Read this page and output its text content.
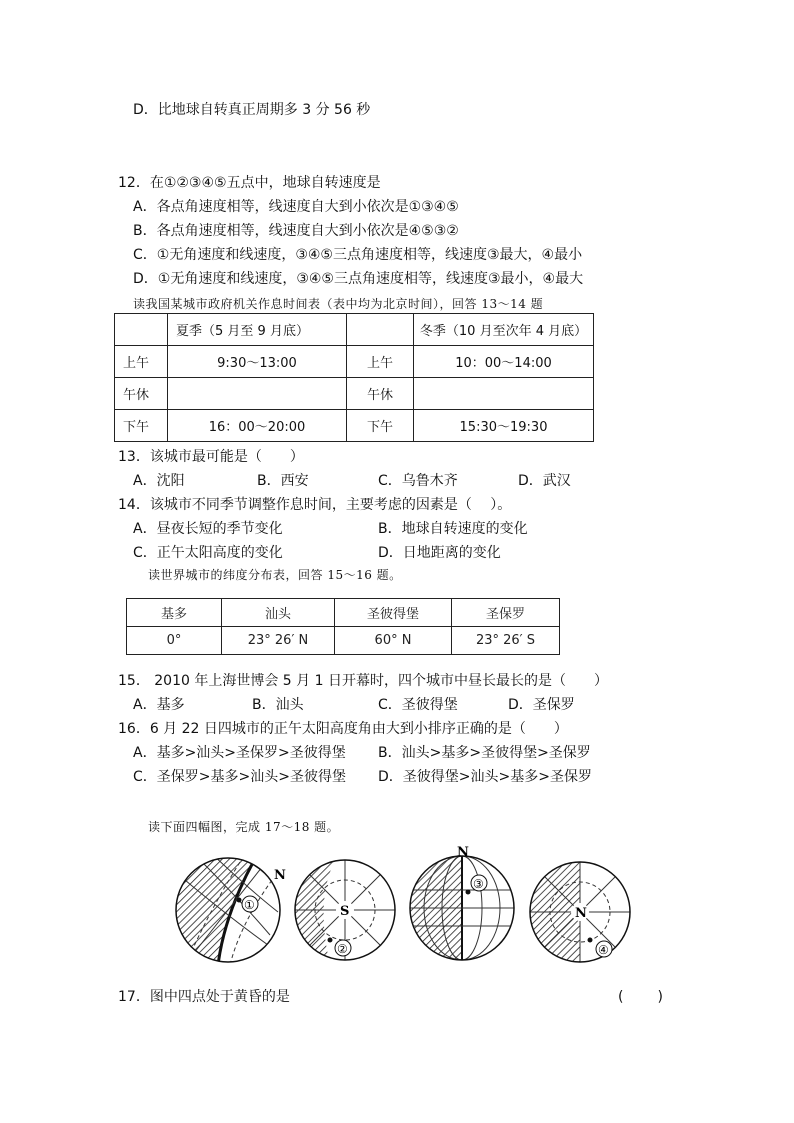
D．比地球自转真正周期多 3 分 56 秒
12．在①②③④⑤五点中，地球自转速度是
A．各点角速度相等，线速度自大到小依次是①③④⑤
B．各点角速度相等，线速度自大到小依次是④⑤③②
C．①无角速度和线速度，③④⑤三点角速度相等，线速度③最大，④最小
D．①无角速度和线速度，③④⑤三点角速度相等，线速度③最小，④最大
读我国某城市政府机关作息时间表（表中均为北京时间），回答 13～14 题
	夏季（5 月至 9 月底）		冬季（10 月至次年 4 月底）
上午	9:30～13:00	上午	10：00～14:00
午休		午休	
下午	16：00～20:00	下午	15:30～19:30
13．该城市最可能是（　　）
A．沈阳	B．西安	C．乌鲁木齐	D．武汉
14．该城市不同季节调整作息时间，主要考虑的因素是（　 ）。
A．昼夜长短的季节变化	B．地球自转速度的变化
C．正午太阳高度的变化	D．日地距离的变化
读世界城市的纬度分布表，回答 15～16 题。
基多	汕头	圣彼得堡	圣保罗
0°	23° 26′ N	60° N	23° 26′ S
15． 2010 年上海世博会 5 月 1 日开幕时，四个城市中昼长最长的是（　　）
A．基多	B．汕头	C．圣彼得堡	D．圣保罗
16．6 月 22 日四城市的正午太阳高度角由大到小排序正确的是（　　）
A．基多>汕头>圣保罗>圣彼得堡 B．汕头>基多>圣彼得堡>圣保罗
C．圣保罗>基多>汕头>圣彼得堡 D．圣彼得堡>汕头>基多>圣保罗
读下面四幅图，完成 17～18 题。
N
①	S
②
N
③
N
④
17．图中四点处于黄昏的是	(　　)
